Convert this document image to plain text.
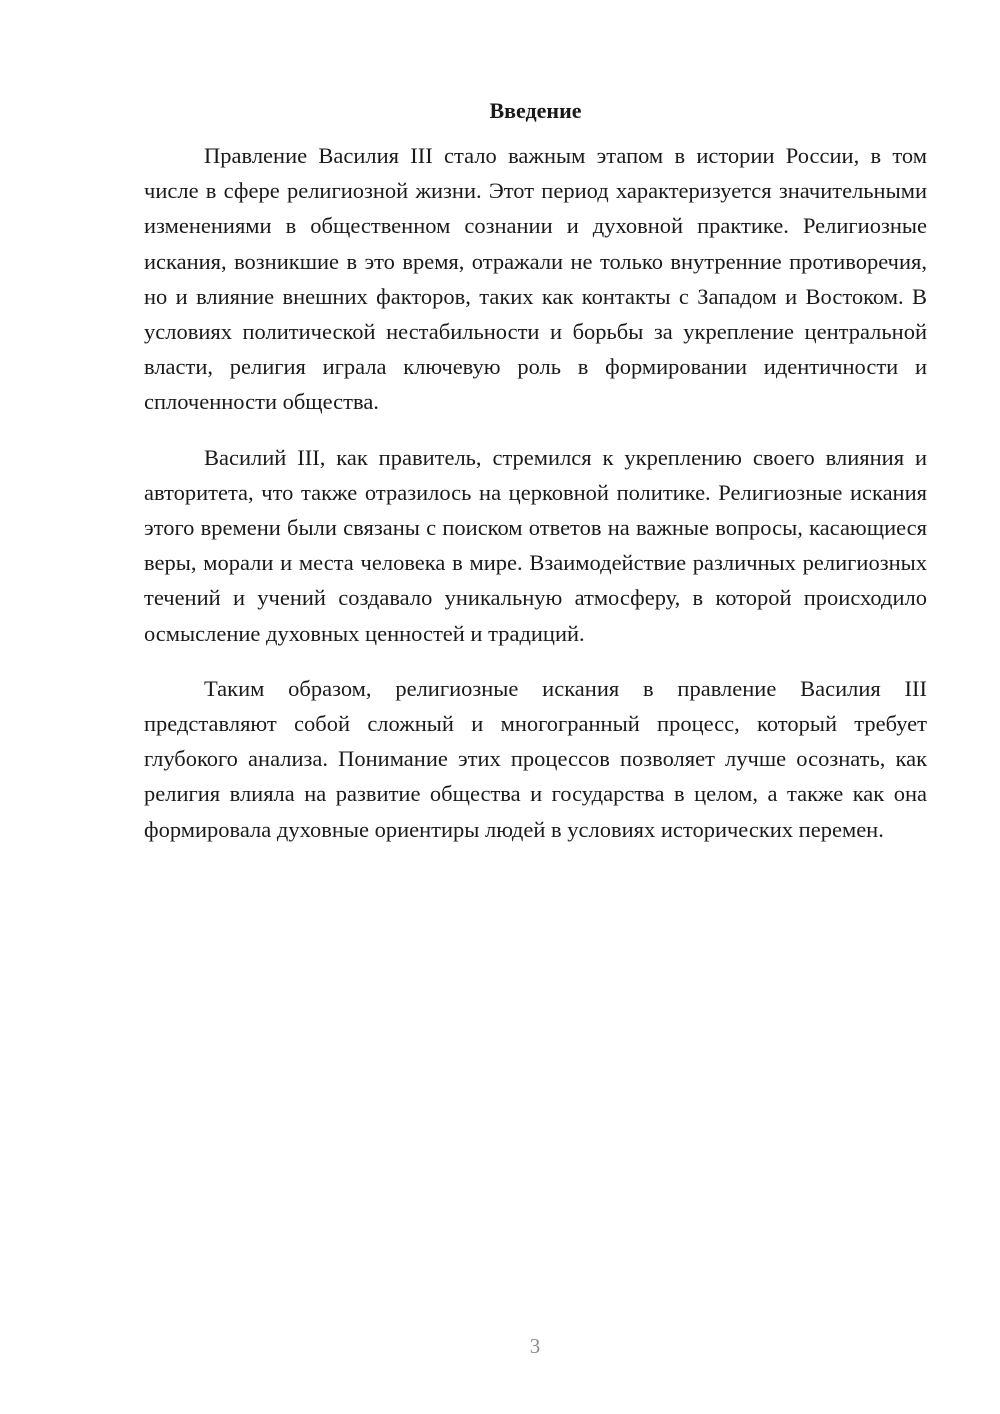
Введение

Правление Василия III стало важным этапом в истории России, в том числе в сфере религиозной жизни. Этот период характеризуется значительными изменениями в общественном сознании и духовной практике. Религиозные искания, возникшие в это время, отражали не только внутренние противоречия, но и влияние внешних факторов, таких как контакты с Западом и Востоком. В условиях политической нестабильности и борьбы за укрепление центральной власти, религия играла ключевую роль в формировании идентичности и сплоченности общества.

Василий III, как правитель, стремился к укреплению своего влияния и авторитета, что также отразилось на церковной политике. Религиозные искания этого времени были связаны с поиском ответов на важные вопросы, касающиеся веры, морали и места человека в мире. Взаимодействие различных религиозных течений и учений создавало уникальную атмосферу, в которой происходило осмысление духовных ценностей и традиций.

Таким образом, религиозные искания в правление Василия III представляют собой сложный и многогранный процесс, который требует глубокого анализа. Понимание этих процессов позволяет лучше осознать, как религия влияла на развитие общества и государства в целом, а также как она формировала духовные ориентиры людей в условиях исторических перемен.

3
